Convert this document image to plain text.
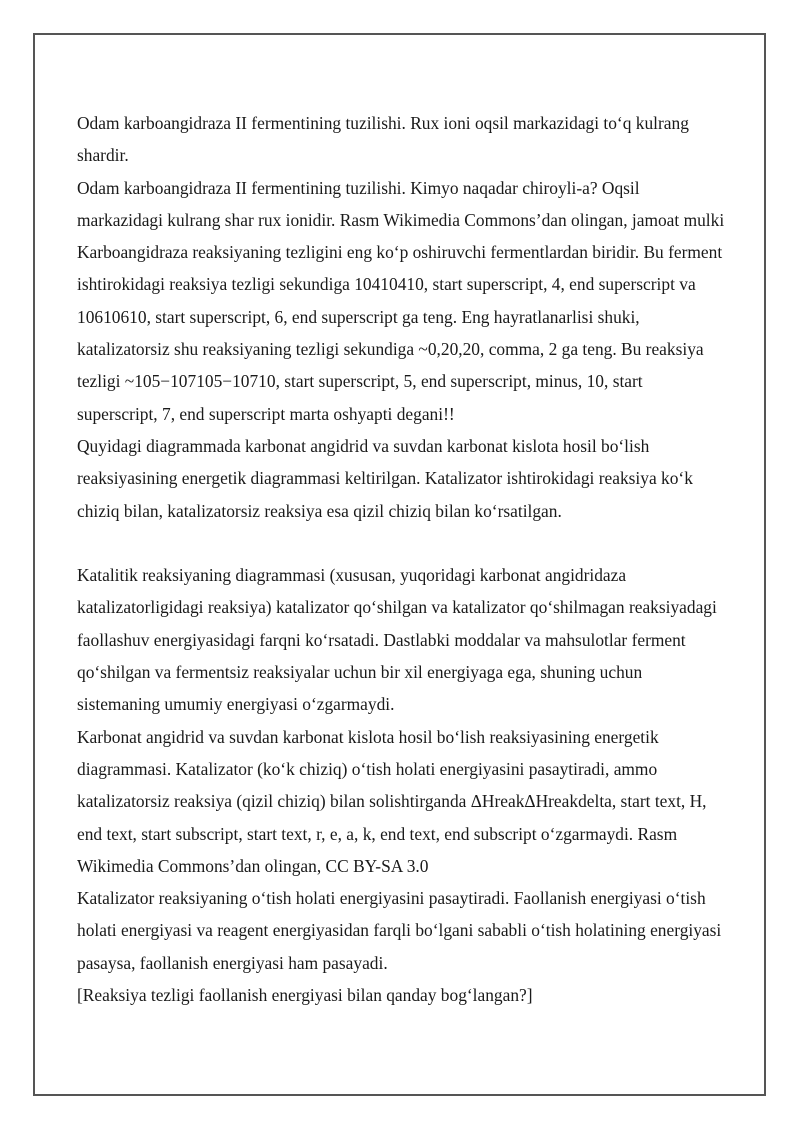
Odam karboangidraza II fermentining tuzilishi. Rux ioni oqsil markazidagi to‘q kulrang shardir.

Odam karboangidraza II fermentining tuzilishi. Kimyo naqadar chiroyli-a? Oqsil markazidagi kulrang shar rux ionidir. Rasm Wikimedia Commons’dan olingan, jamoat mulki

Karboangidraza reaksiyaning tezligini eng ko‘p oshiruvchi fermentlardan biridir. Bu ferment ishtirokidagi reaksiya tezligi sekundiga 10410410, start superscript, 4, end superscript va 10610610, start superscript, 6, end superscript ga teng. Eng hayratlanarlisi shuki, katalizatorsiz shu reaksiyaning tezligi sekundiga ~0,20,20, comma, 2 ga teng. Bu reaksiya tezligi ~105−107105−10710, start superscript, 5, end superscript, minus, 10, start superscript, 7, end superscript marta oshyapti degani!!

Quyidagi diagrammada karbonat angidrid va suvdan karbonat kislota hosil bo‘lish reaksiyasining energetik diagrammasi keltirilgan. Katalizator ishtirokidagi reaksiya ko‘k chiziq bilan, katalizatorsiz reaksiya esa qizil chiziq bilan ko‘rsatilgan.

Katalitik reaksiyaning diagrammasi (xususan, yuqoridagi karbonat angidridaza katalizatorligidagi reaksiya) katalizator qo‘shilgan va katalizator qo‘shilmagan reaksiyadagi faollashuv energiyasidagi farqni ko‘rsatadi. Dastlabki moddalar va mahsulotlar ferment qo‘shilgan va fermentsiz reaksiyalar uchun bir xil energiyaga ega, shuning uchun sistemaning umumiy energiyasi o‘zgarmaydi.

Karbonat angidrid va suvdan karbonat kislota hosil bo‘lish reaksiyasining energetik diagrammasi. Katalizator (ko‘k chiziq) o‘tish holati energiyasini pasaytiradi, ammo katalizatorsiz reaksiya (qizil chiziq) bilan solishtirganda ΔHreakΔHreakdelta, start text, H, end text, start subscript, start text, r, e, a, k, end text, end subscript o‘zgarmaydi. Rasm Wikimedia Commons’dan olingan, CC BY-SA 3.0

Katalizator reaksiyaning o‘tish holati energiyasini pasaytiradi. Faollanish energiyasi o‘tish holati energiyasi va reagent energiyasidan farqli bo‘lgani sababli o‘tish holatining energiyasi pasaysa, faollanish energiyasi ham pasayadi.

[Reaksiya tezligi faollanish energiyasi bilan qanday bog‘langan?]
